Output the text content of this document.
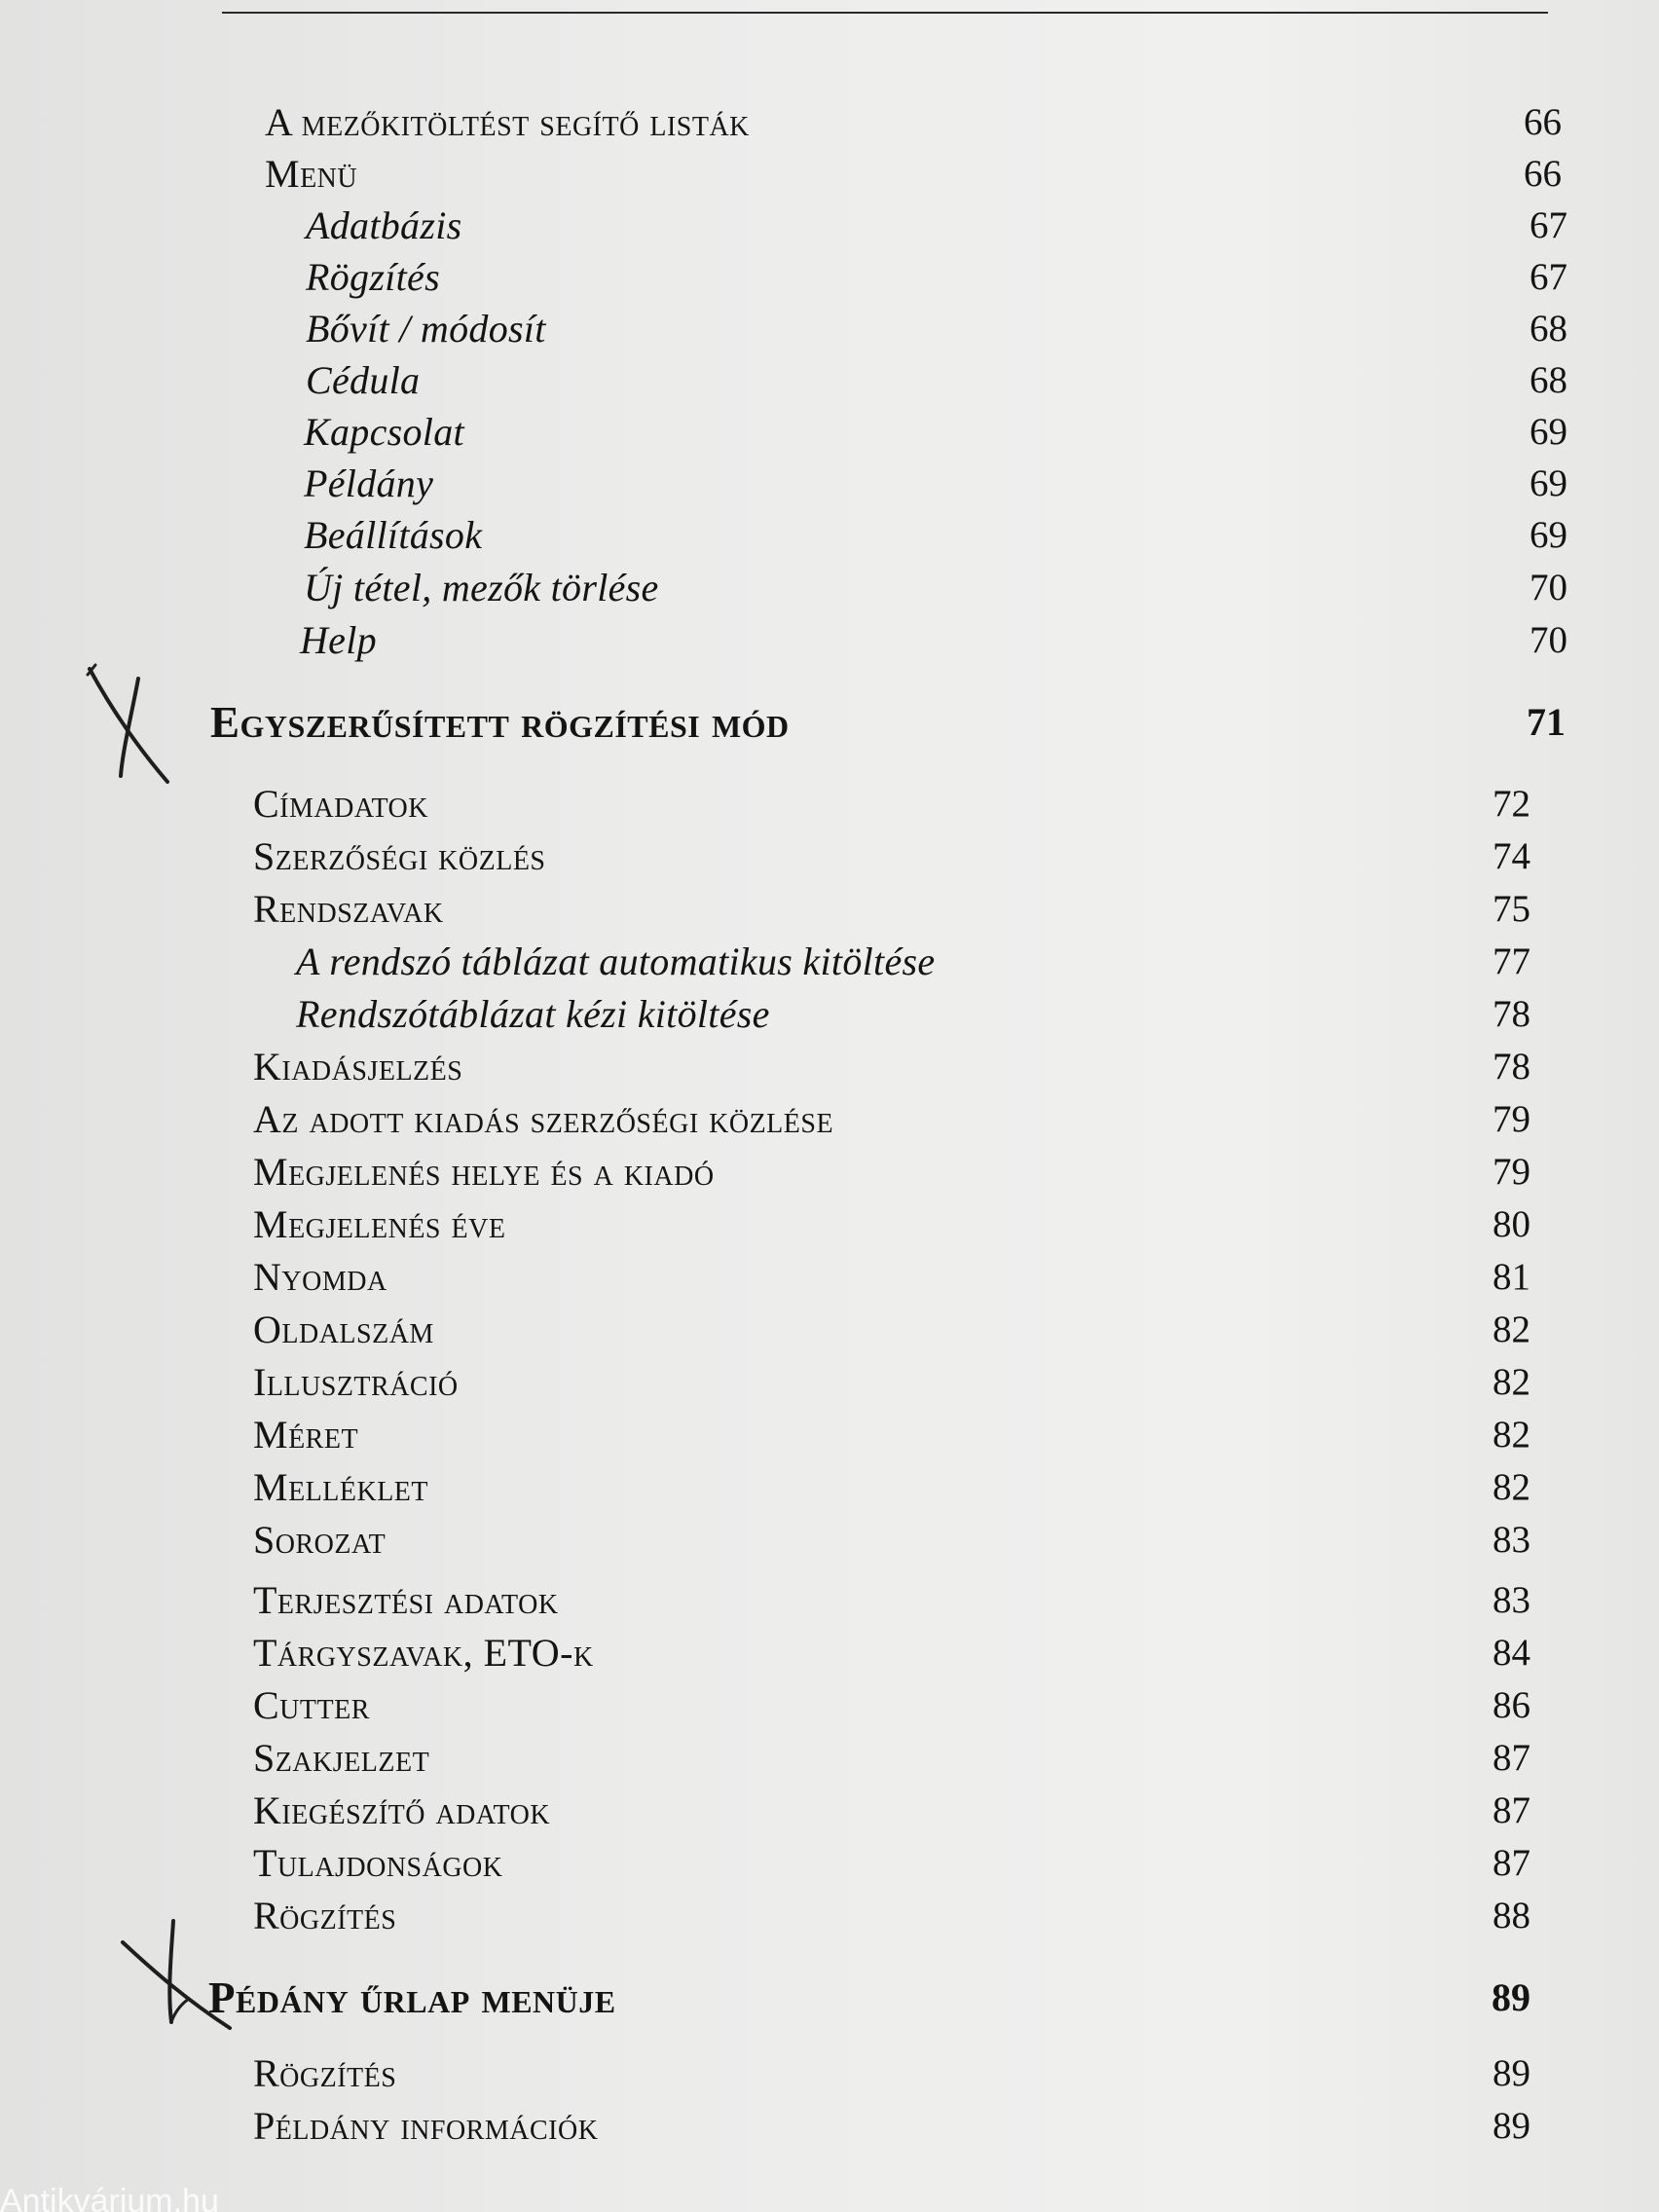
A mezőkitöltést segítő listák	66
Menü	66
Adatbázis	67
Rögzítés	67
Bővít / módosít	68
Cédula	68
Kapcsolat	69
Példány	69
Beállítások	69
Új tétel, mezők törlése	70
Help	70
Egyszerűsített rögzítési mód	71
Címadatok	72
Szerzőségi közlés	74
Rendszavak	75
A rendszó táblázat automatikus kitöltése	77
Rendszótáblázat kézi kitöltése	78
Kiadásjelzés	78
Az adott kiadás szerzőségi közlése	79
Megjelenés helye és a kiadó	79
Megjelenés éve	80
Nyomda	81
Oldalszám	82
Illusztráció	82
Méret	82
Melléklet	82
Sorozat	83
Terjesztési adatok	83
Tárgyszavak, ETO-k	84
Cutter	86
Szakjelzet	87
Kiegészítő adatok	87
Tulajdonságok	87
Rögzítés	88
Pédány űrlap menüje	89
Rögzítés	89
Példány információk	89
Antikvárium.hu
